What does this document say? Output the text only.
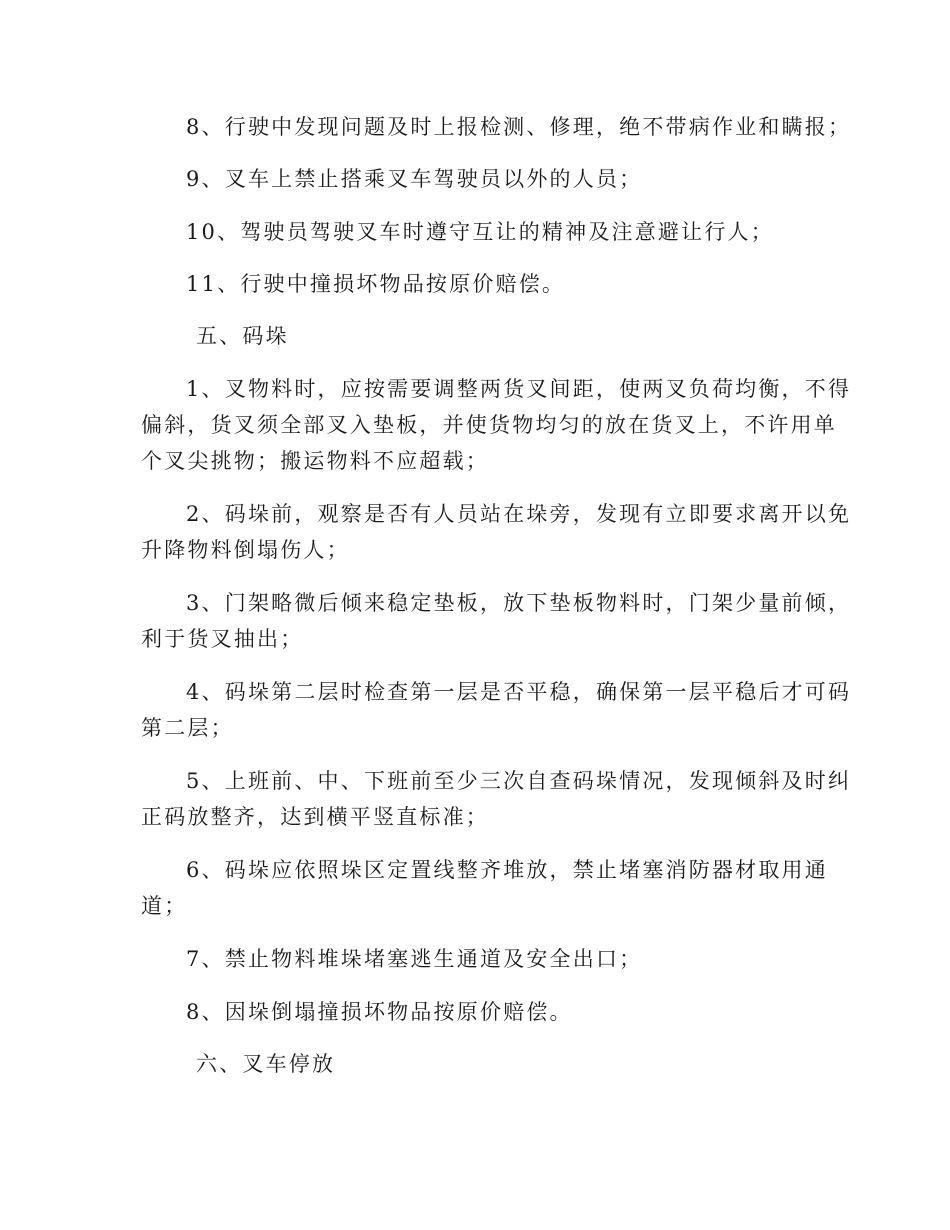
8、行驶中发现问题及时上报检测、修理，绝不带病作业和瞒报；
9、叉车上禁止搭乘叉车驾驶员以外的人员；
10、驾驶员驾驶叉车时遵守互让的精神及注意避让行人；
11、行驶中撞损坏物品按原价赔偿。
五、码垛
1、叉物料时，应按需要调整两货叉间距，使两叉负荷均衡，不得
偏斜，货叉须全部叉入垫板，并使货物均匀的放在货叉上，不许用单
个叉尖挑物；搬运物料不应超载；
2、码垛前，观察是否有人员站在垛旁，发现有立即要求离开以免
升降物料倒塌伤人；
3、门架略微后倾来稳定垫板，放下垫板物料时，门架少量前倾，
利于货叉抽出；
4、码垛第二层时检查第一层是否平稳，确保第一层平稳后才可码
第二层；
5、上班前、中、下班前至少三次自查码垛情况，发现倾斜及时纠
正码放整齐，达到横平竖直标准；
6、码垛应依照垛区定置线整齐堆放，禁止堵塞消防器材取用通
道；
7、禁止物料堆垛堵塞逃生通道及安全出口；
8、因垛倒塌撞损坏物品按原价赔偿。
六、叉车停放
